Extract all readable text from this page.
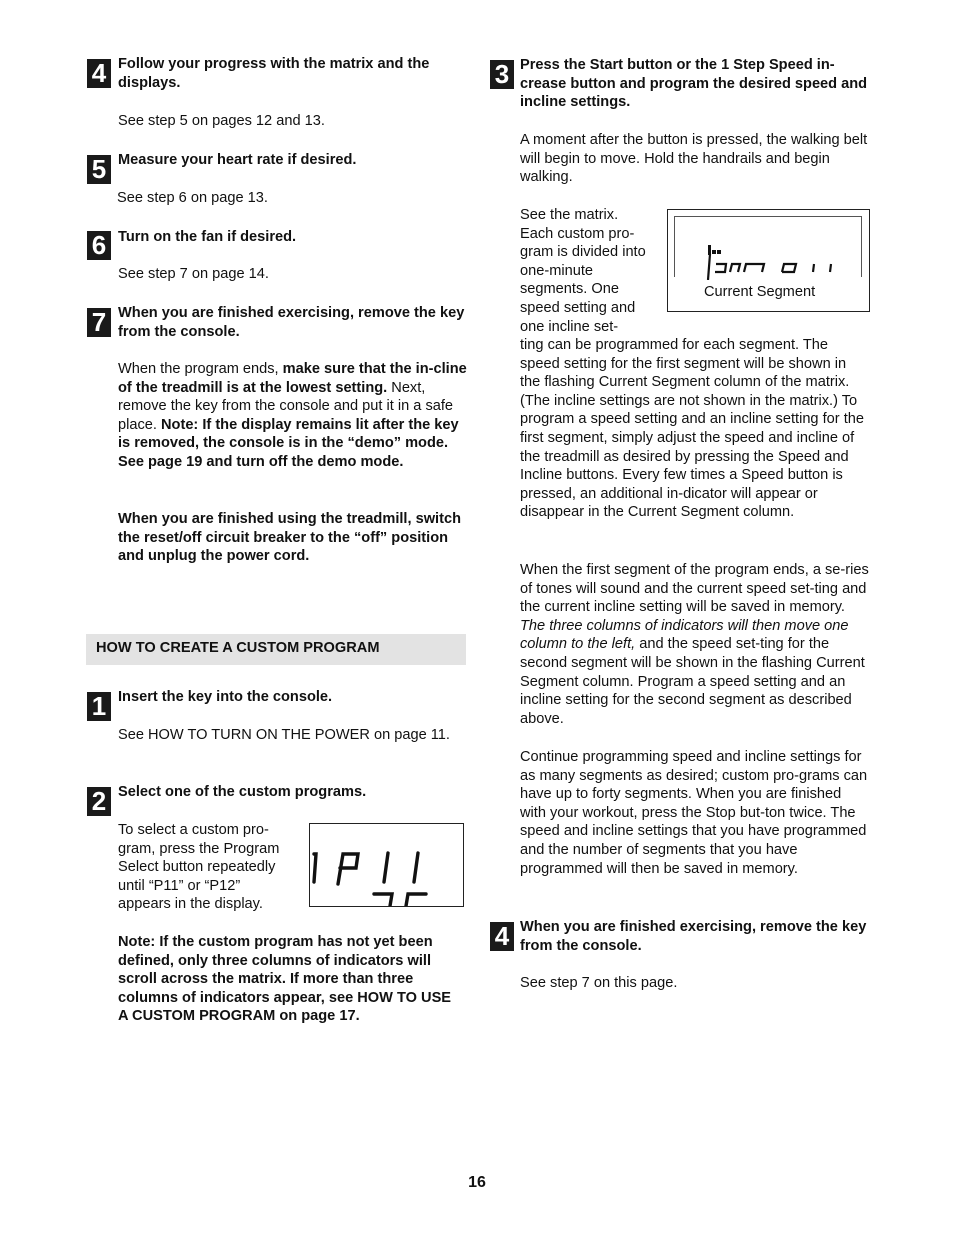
4 Follow your progress with the matrix and the displays.
See step 5 on pages 12 and 13.
5 Measure your heart rate if desired.
See step 6 on page 13.
6 Turn on the fan if desired.
See step 7 on page 14.
7 When you are finished exercising, remove the key from the console.

When the program ends, make sure that the in-cline of the treadmill is at the lowest setting. Next, remove the key from the console and put it in a safe place. Note: If the display remains lit after the key is removed, the console is in the “demo” mode. See page 19 and turn off the demo mode.

When you are finished using the treadmill, switch the reset/off circuit breaker to the “off” position and unplug the power cord.
HOW TO CREATE A CUSTOM PROGRAM
1 Insert the key into the console.
See HOW TO TURN ON THE POWER on page 11.
2 Select one of the custom programs.
To select a custom pro-gram, press the Program Select button repeatedly until “P11” or “P12” appears in the display.
P 1 1
Note: If the custom program has not yet been defined, only three columns of indicators will scroll across the matrix. If more than three columns of indicators appear, see HOW TO USE A CUSTOM PROGRAM on page 17.
3 Press the Start button or the 1 Step Speed in-crease button and program the desired speed and incline settings.
A moment after the button is pressed, the walking belt will begin to move. Hold the handrails and begin walking.
See the matrix. Each custom pro-gram is divided into one-minute segments. One speed setting and one incline set-
Current Segment
ting can be programmed for each segment. The speed setting for the first segment will be shown in the flashing Current Segment column of the matrix. (The incline settings are not shown in the matrix.) To program a speed setting and an incline setting for the first segment, simply adjust the speed and incline of the treadmill as desired by pressing the Speed and Incline buttons. Every few times a Speed button is pressed, an additional in-dicator will appear or disappear in the Current Segment column.

When the first segment of the program ends, a se-ries of tones will sound and the current speed set-ting and the current incline setting will be saved in memory. The three columns of indicators will then move one column to the left, and the speed set-ting for the second segment will be shown in the flashing Current Segment column. Program a speed setting and an incline setting for the second segment as described above.

Continue programming speed and incline settings for as many segments as desired; custom pro-grams can have up to forty segments. When you are finished with your workout, press the Stop but-ton twice. The speed and incline settings that you have programmed and the number of segments that you have programmed will then be saved in memory.
4 When you are finished exercising, remove the key from the console.
See step 7 on this page.
16
